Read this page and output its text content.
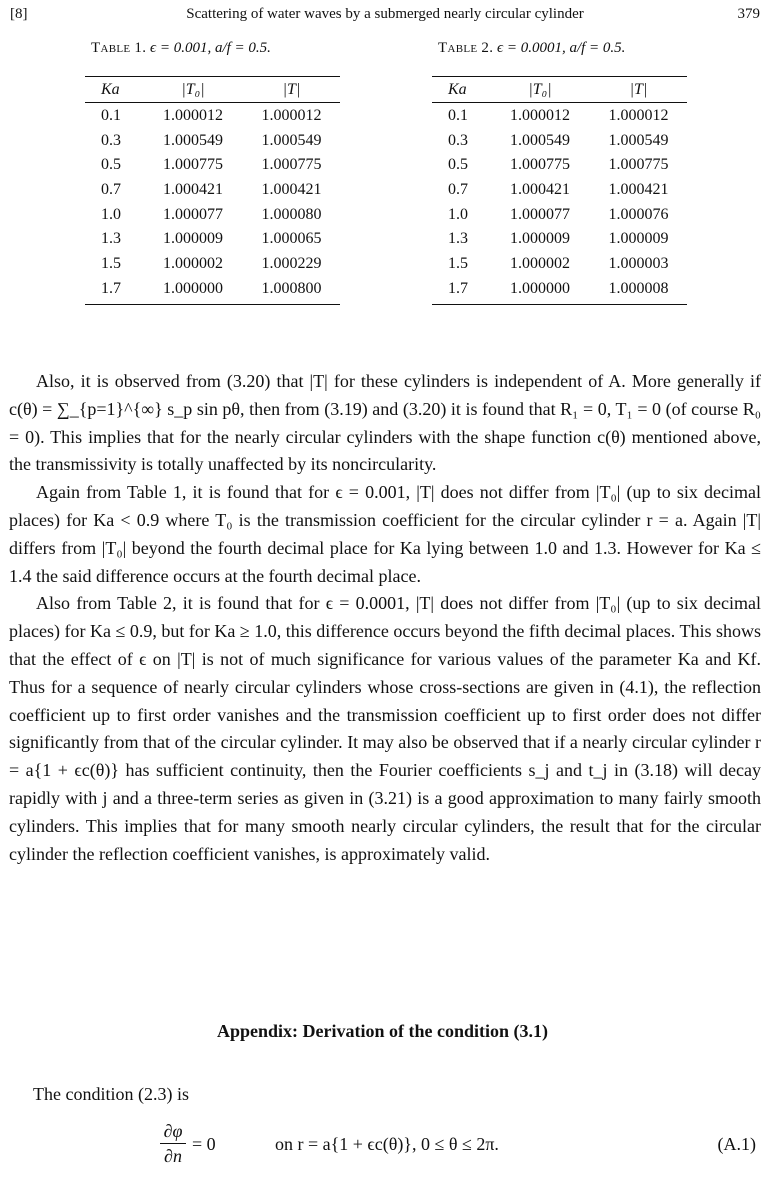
[8]	Scattering of water waves by a submerged nearly circular cylinder	379
Table 1. ϵ = 0.001, a/f = 0.5.
Ka	|T₀|	|T|
0.1	1.000012	1.000012
0.3	1.000549	1.000549
0.5	1.000775	1.000775
0.7	1.000421	1.000421
1.0	1.000077	1.000080
1.3	1.000009	1.000065
1.5	1.000002	1.000229
1.7	1.000000	1.000800
Table 2. ϵ = 0.0001, a/f = 0.5.
Ka	|T₀|	|T|
0.1	1.000012	1.000012
0.3	1.000549	1.000549
0.5	1.000775	1.000775
0.7	1.000421	1.000421
1.0	1.000077	1.000076
1.3	1.000009	1.000009
1.5	1.000002	1.000003
1.7	1.000000	1.000008

Also, it is observed from (3.20) that |T| for these cylinders is independent of A. More generally if c(θ) = ∑_{p=1}^{∞} s_p sin pθ, then from (3.19) and (3.20) it is found that R₁ = 0, T₁ = 0 (of course R₀ = 0). This implies that for the nearly circular cylinders with the shape function c(θ) mentioned above, the transmissivity is totally unaffected by its noncircularity.

Again from Table 1, it is found that for ϵ = 0.001, |T| does not differ from |T₀| (up to six decimal places) for Ka < 0.9 where T₀ is the transmission coefficient for the circular cylinder r = a. Again |T| differs from |T₀| beyond the fourth decimal place for Ka lying between 1.0 and 1.3. However for Ka ≤ 1.4 the said difference occurs at the fourth decimal place.

Also from Table 2, it is found that for ϵ = 0.0001, |T| does not differ from |T₀| (up to six decimal places) for Ka ≤ 0.9, but for Ka ≥ 1.0, this difference occurs beyond the fifth decimal places. This shows that the effect of ϵ on |T| is not of much significance for various values of the parameter Ka and Kf. Thus for a sequence of nearly circular cylinders whose cross-sections are given in (4.1), the reflection coefficient up to first order vanishes and the transmission coefficient up to first order does not differ significantly from that of the circular cylinder. It may also be observed that if a nearly circular cylinder r = a{1 + ϵc(θ)} has sufficient continuity, then the Fourier coefficients s_j and t_j in (3.18) will decay rapidly with j and a three-term series as given in (3.21) is a good approximation to many fairly smooth cylinders. This implies that for many smooth nearly circular cylinders, the result that for the circular cylinder the reflection coefficient vanishes, is approximately valid.

Appendix: Derivation of the condition (3.1)
The condition (2.3) is
∂φ
∂n
= 0	on r = a{1 + ϵc(θ)}, 0 ≤ θ ≤ 2π.	(A.1)
